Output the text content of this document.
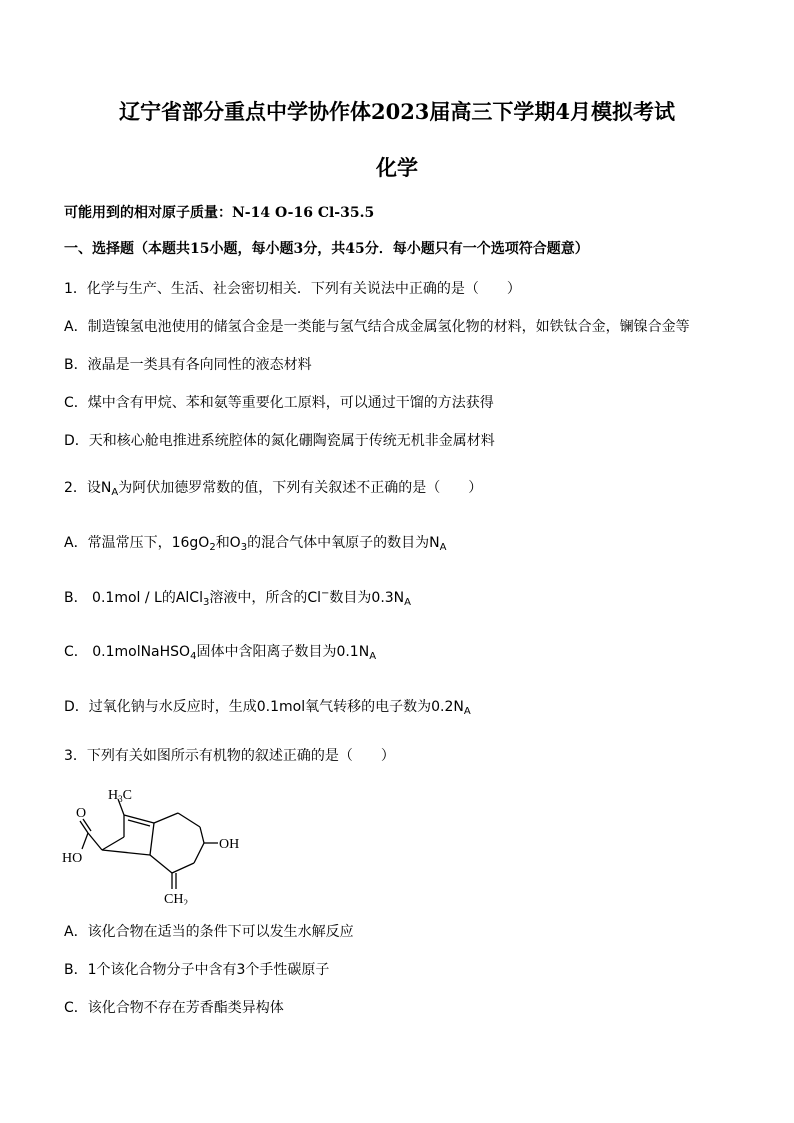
辽宁省部分重点中学协作体2023届高三下学期4月模拟考试
化学
可能用到的相对原子质量：N-14 O-16 Cl-35.5
一、选择题（本题共15小题，每小题3分，共45分．每小题只有一个选项符合题意）
1．化学与生产、生活、社会密切相关．下列有关说法中正确的是（　　）
A．制造镍氢电池使用的储氢合金是一类能与氢气结合成金属氢化物的材料，如铁钛合金，镧镍合金等
B．液晶是一类具有各向同性的液态材料
C．煤中含有甲烷、苯和氨等重要化工原料，可以通过干馏的方法获得
D．天和核心舱电推进系统腔体的氮化硼陶瓷属于传统无机非金属材料
2．设$N_A$为阿伏加德罗常数的值，下列有关叙述不正确的是（　　）
A．常温常压下，$16gO_2$和$O_3$的混合气体中氧原子的数目为$N_A$
B． 0.1mol / L的AlCl$_3$溶液中，所含的Cl−数目为$0.3N_A$
C． 0.1molNaHSO$_4$固体中含阳离子数目为$0.1N_A$
D．过氧化钠与水反应时，生成0.1mol氧气转移的电子数为$0.2N_A$
3．下列有关如图所示有机物的叙述正确的是（　　）
$H_3C$
O
HO
OH
$CH_2$
A．该化合物在适当的条件下可以发生水解反应
B．1个该化合物分子中含有3个手性碳原子
C．该化合物不存在芳香酯类异构体
